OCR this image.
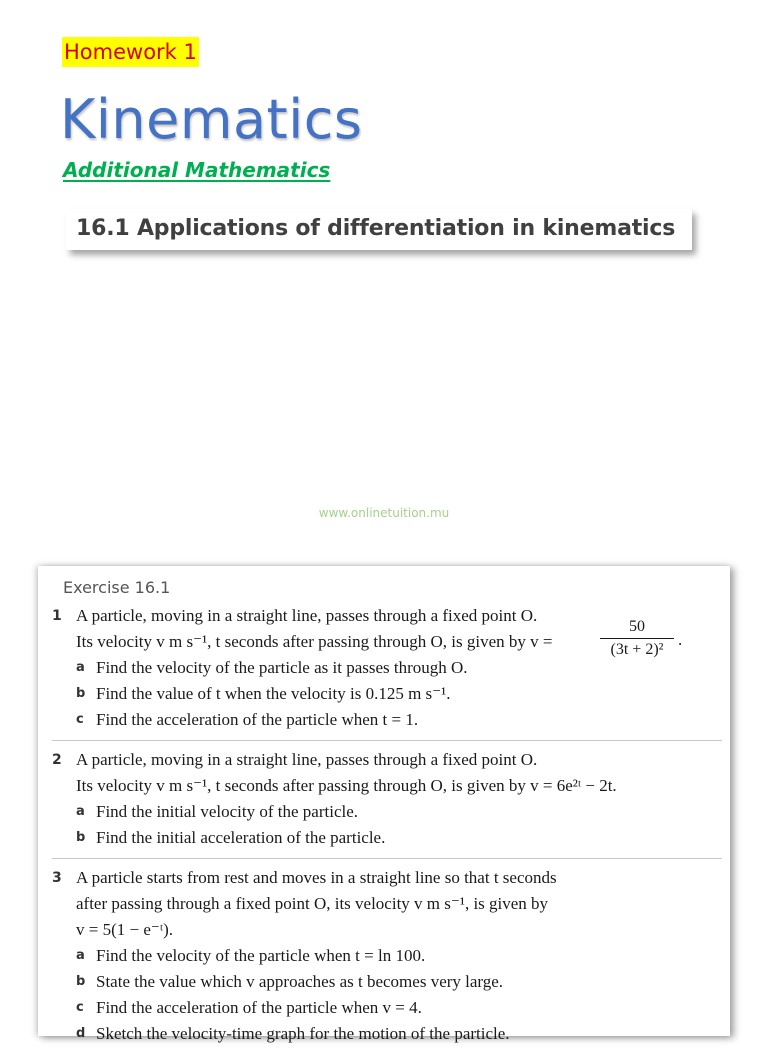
Homework 1
Kinematics
Additional Mathematics
16.1 Applications of differentiation in kinematics
www.onlinetuition.mu
Exercise 16.1
1 A particle, moving in a straight line, passes through a fixed point O.
Its velocity v m s⁻¹, t seconds after passing through O, is given by v =
50
(3t + 2)²
.
a Find the velocity of the particle as it passes through O.
b Find the value of t when the velocity is 0.125 m s⁻¹.
c Find the acceleration of the particle when t = 1.
2 A particle, moving in a straight line, passes through a fixed point O.
Its velocity v m s⁻¹, t seconds after passing through O, is given by v = 6e²ᵗ − 2t.
a Find the initial velocity of the particle.
b Find the initial acceleration of the particle.
3 A particle starts from rest and moves in a straight line so that t seconds
after passing through a fixed point O, its velocity v m s⁻¹, is given by
v = 5(1 − e⁻ᵗ).
a Find the velocity of the particle when t = ln 100.
b State the value which v approaches as t becomes very large.
c Find the acceleration of the particle when v = 4.
d Sketch the velocity-time graph for the motion of the particle.
